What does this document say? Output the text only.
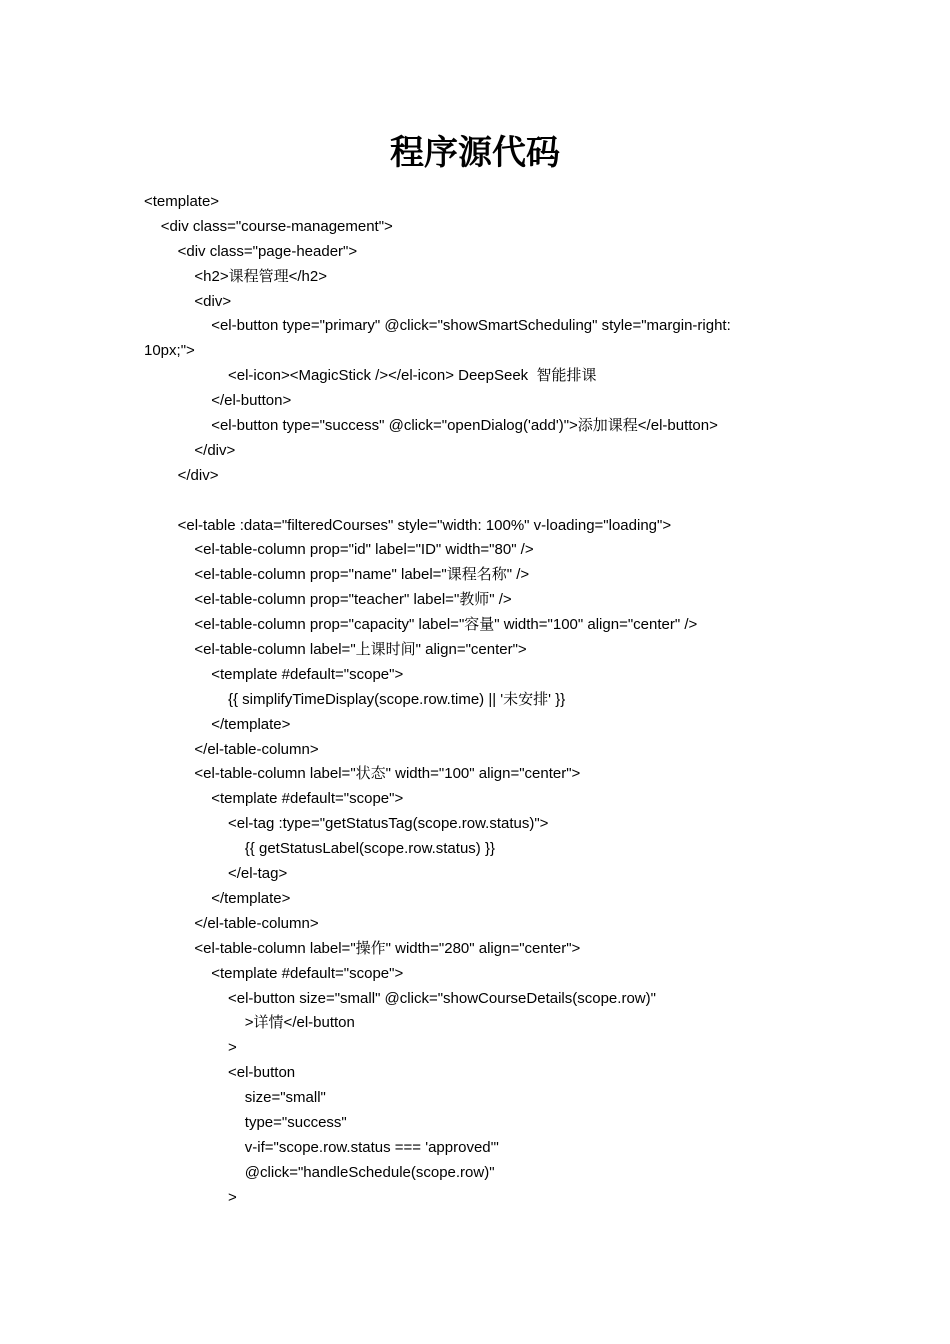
程序源代码
<template>
<div class="course-management">
<div class="page-header">
<h2>课程管理</h2>
<div>
<el-button type="primary" @click="showSmartScheduling" style="margin-right:
10px;">
<el-icon><MagicStick /></el-icon> DeepSeek  智能排课
</el-button>
<el-button type="success" @click="openDialog('add')">添加课程</el-button>
</div>
</div>
<el-table :data="filteredCourses" style="width: 100%" v-loading="loading">
<el-table-column prop="id" label="ID" width="80" />
<el-table-column prop="name" label="课程名称" />
<el-table-column prop="teacher" label="教师" />
<el-table-column prop="capacity" label="容量" width="100" align="center" />
<el-table-column label="上课时间" align="center">
<template #default="scope">
{{ simplifyTimeDisplay(scope.row.time) || '未安排' }}
</template>
</el-table-column>
<el-table-column label="状态" width="100" align="center">
<template #default="scope">
<el-tag :type="getStatusTag(scope.row.status)">
{{ getStatusLabel(scope.row.status) }}
</el-tag>
</template>
</el-table-column>
<el-table-column label="操作" width="280" align="center">
<template #default="scope">
<el-button size="small" @click="showCourseDetails(scope.row)"
>详情</el-button
>
<el-button
size="small"
type="success"
v-if="scope.row.status === 'approved'"
@click="handleSchedule(scope.row)"
>
